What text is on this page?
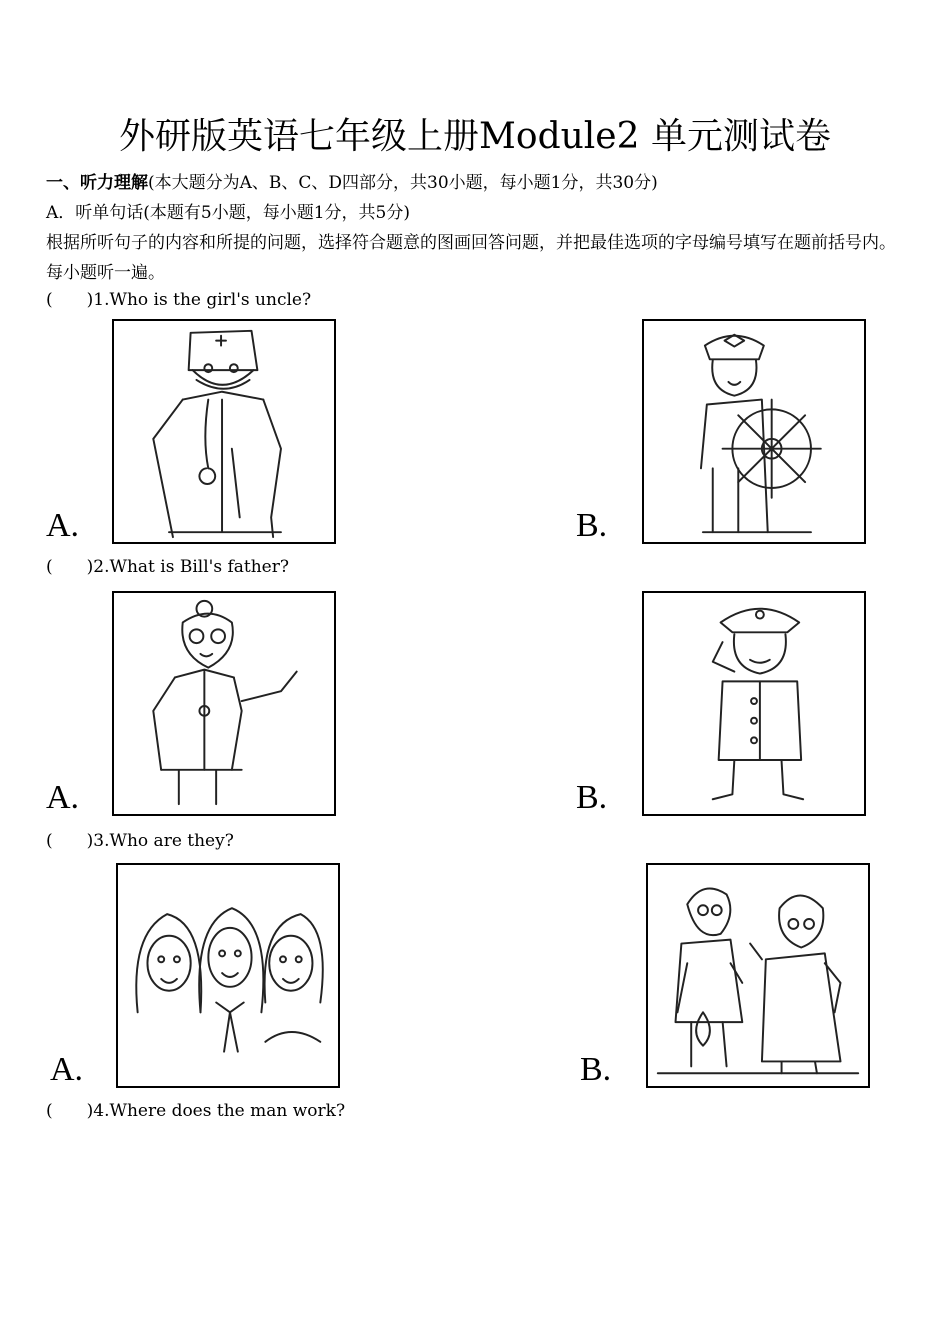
外研版英语七年级上册Module2 单元测试卷

一、听力理解(本大题分为A、B、C、D四部分，共30小题，每小题1分，共30分)

A．听单句话(本题有5小题，每小题1分，共5分)

根据所听句子的内容和所提的问题，选择符合题意的图画回答问题，并把最佳选项的字母编号填写在题前括号内。每小题听一遍。

( )1.Who is the girl's uncle?

A.	B.

( )2.What is Bill's father?

A.	B.

( )3.Who are they?

A.	B.

( )4.Where does the man work?
